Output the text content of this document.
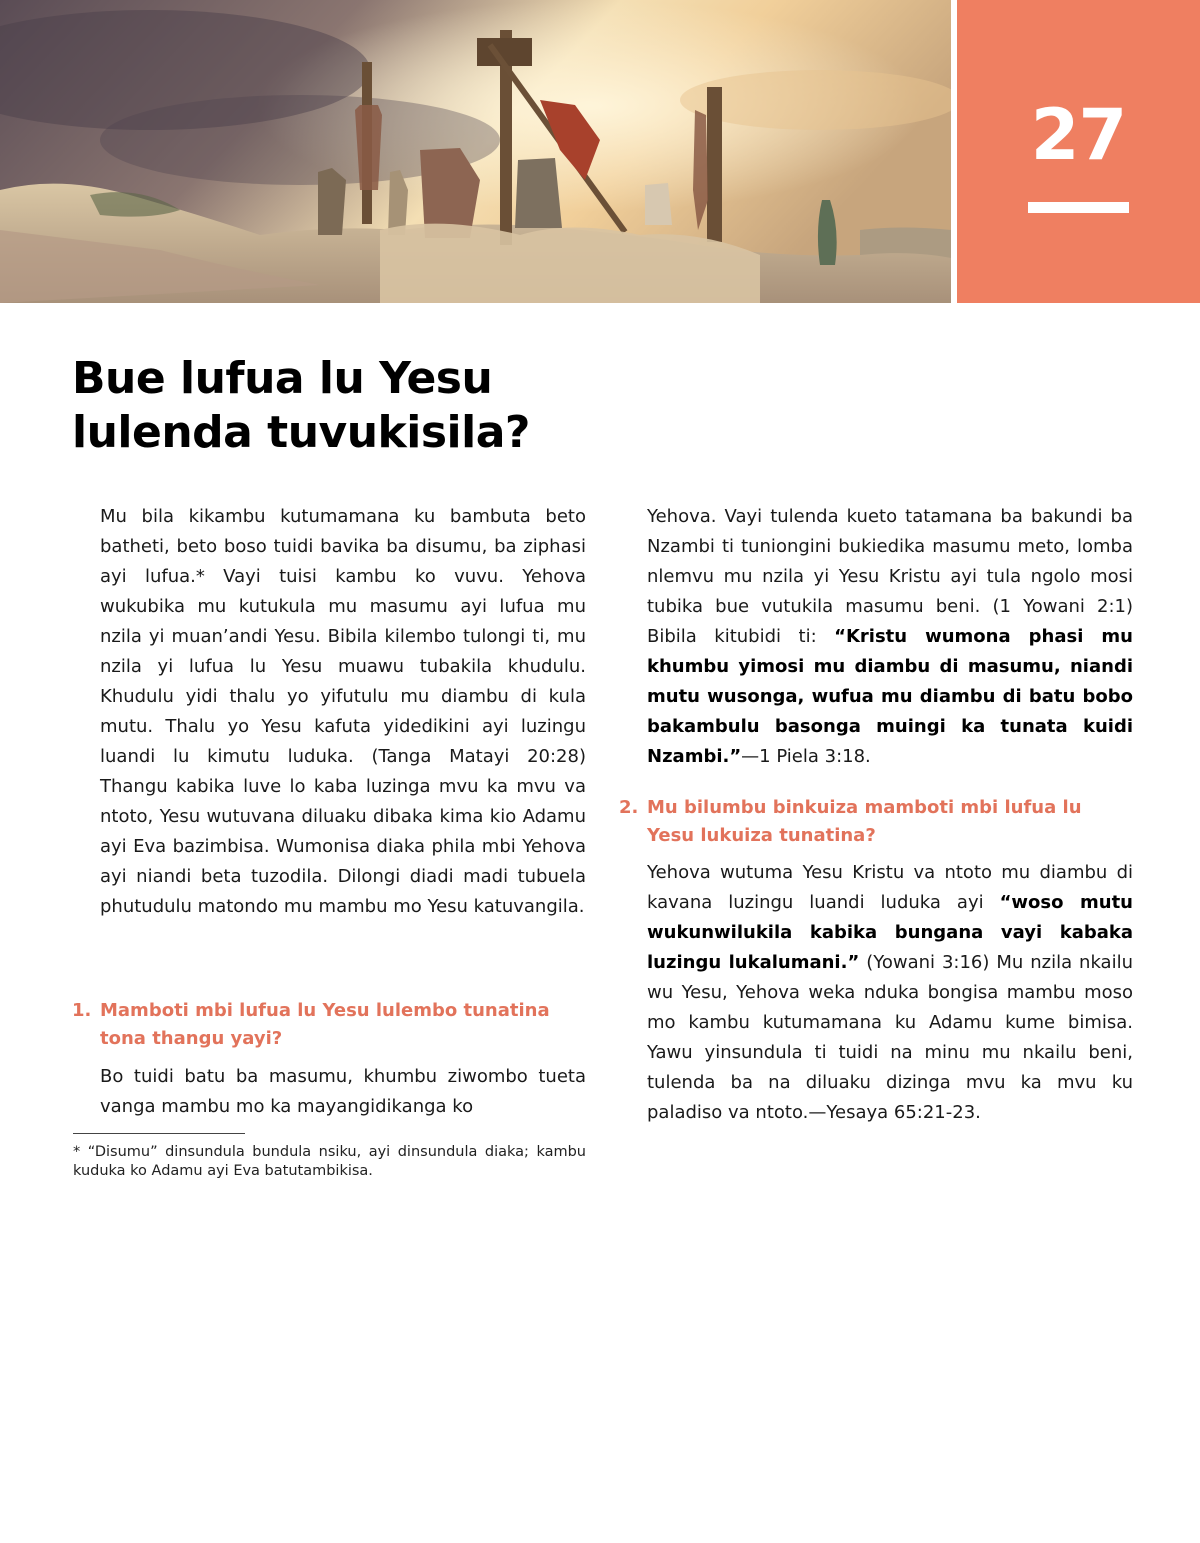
27
Bue lufua lu Yesu
lulenda tuvukisila?

Mu bila kikambu kutumamana ku bambuta beto batheti, beto boso tuidi bavika ba disumu, ba ziphasi ayi lufua.* Vayi tuisi kambu ko vuvu. Yehova wukubika mu kutukula mu masumu ayi lufua mu nzila yi muan’andi Yesu. Bibila kilembo tulongi ti, mu nzila yi lufua lu Yesu muawu tubakila khudulu. Khudulu yidi thalu yo yifutulu mu diambu di kula mutu. Thalu yo Yesu kafuta yidedikini ayi luzingu luandi lu kimutu luduka. (Tanga Matayi 20:28) Thangu kabika luve lo kaba luzinga mvu ka mvu va ntoto, Yesu wutuvana diluaku dibaka kima kio Adamu ayi Eva bazimbisa. Wumonisa diaka phila mbi Yehova ayi niandi beta tuzodila. Dilongi diadi madi tubuela phutudulu matondo mu mambu mo Yesu katuvangila.

1. Mamboti mbi lufua lu Yesu lulembo tunatina tona thangu yayi?

Bo tuidi batu ba masumu, khumbu ziwombo tueta vanga mambu mo ka mayangidikanga ko

* “Disumu” dinsundula bundula nsiku, ayi dinsundula diaka; kambu kuduka ko Adamu ayi Eva batutambikisa.

Yehova. Vayi tulenda kueto tatamana ba bakundi ba Nzambi ti tuniongini bukiedika masumu meto, lomba nlemvu mu nzila yi Yesu Kristu ayi tula ngolo mosi tubika bue vutukila masumu beni. (1 Yowani 2:1) Bibila kitubidi ti: “Kristu wumona phasi mu khumbu yimosi mu diambu di masumu, niandi mutu wusonga, wufua mu diambu di batu bobo bakambulu basonga muingi ka tunata kuidi Nzambi.”—1 Piela 3:18.

2. Mu bilumbu binkuiza mamboti mbi lufua lu Yesu lukuiza tunatina?

Yehova wutuma Yesu Kristu va ntoto mu diambu di kavana luzingu luandi luduka ayi “woso mutu wukunwilukila kabika bungana vayi kabaka luzingu lukalumani.” (Yowani 3:16) Mu nzila nkailu wu Yesu, Yehova weka nduka bongisa mambu moso mo kambu kutumamana ku Adamu kume bimisa. Yawu yinsundula ti tuidi na minu mu nkailu beni, tulenda ba na diluaku dizinga mvu ka mvu ku paladiso va ntoto.—Yesaya 65:21-23.
